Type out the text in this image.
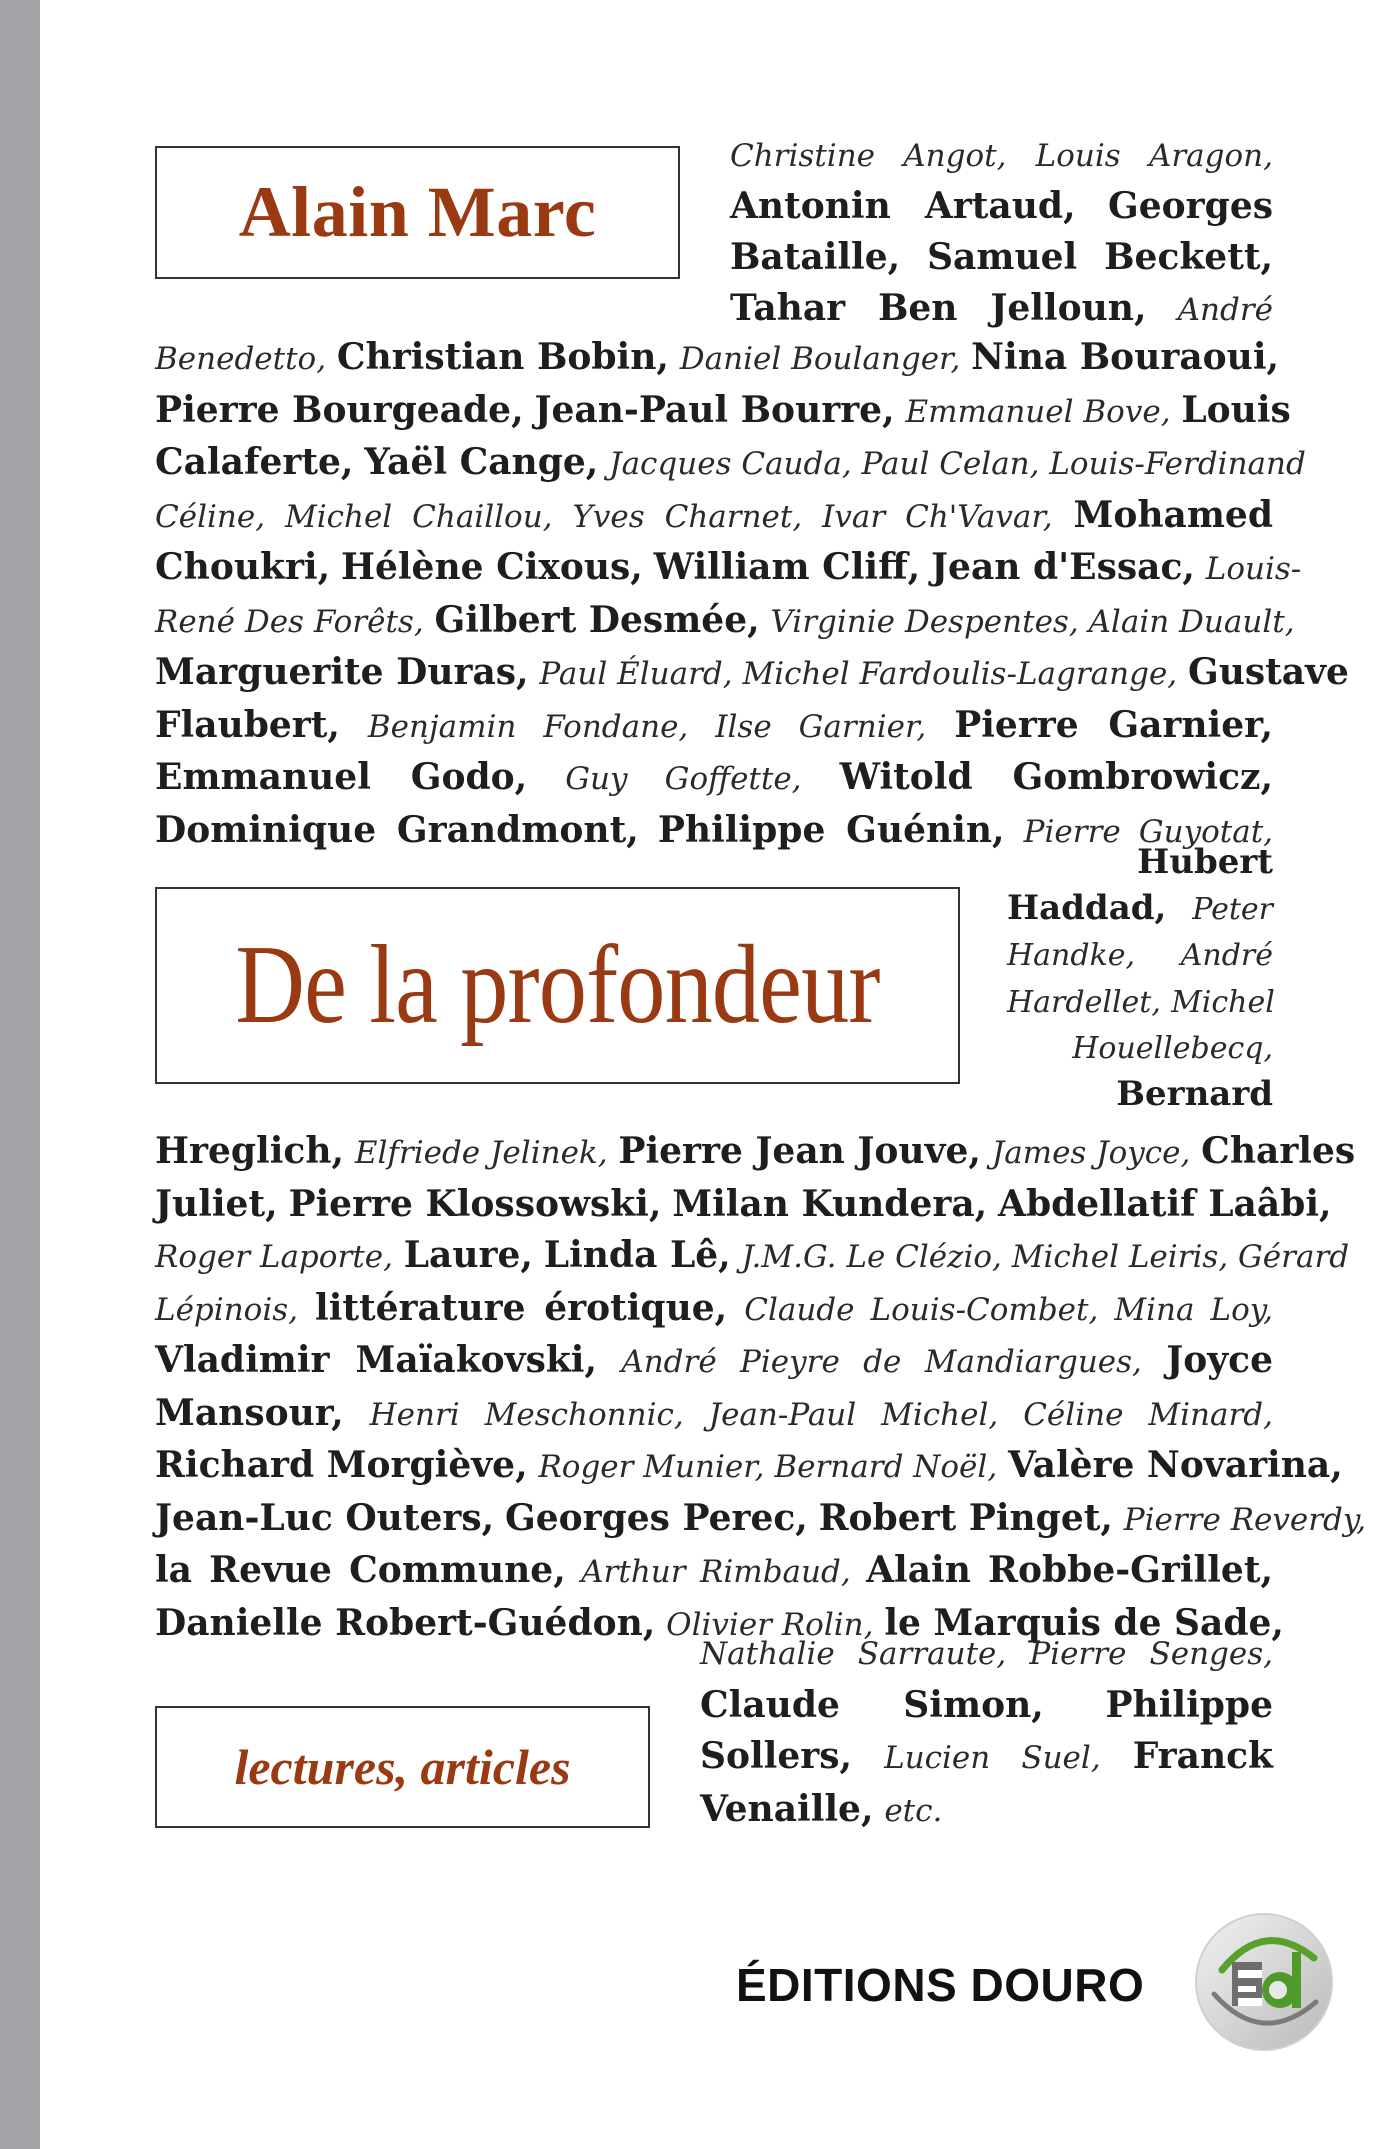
Alain Marc
Christine Angot, Louis Aragon,
Antonin Artaud, Georges
Bataille, Samuel Beckett,
Tahar Ben Jelloun, André
Benedetto, Christian Bobin, Daniel Boulanger, Nina Bouraoui,
Pierre Bourgeade, Jean-Paul Bourre, Emmanuel Bove, Louis
Calaferte, Yaël Cange, Jacques Cauda, Paul Celan, Louis-Ferdinand
Céline, Michel Chaillou, Yves Charnet, Ivar Ch'Vavar, Mohamed
Choukri, Hélène Cixous, William Cliff, Jean d'Essac, Louis-
René Des Forêts, Gilbert Desmée, Virginie Despentes, Alain Duault,
Marguerite Duras, Paul Éluard, Michel Fardoulis-Lagrange, Gustave
Flaubert, Benjamin Fondane, Ilse Garnier, Pierre Garnier,
Emmanuel Godo, Guy Goffette, Witold Gombrowicz,
Dominique Grandmont, Philippe Guénin, Pierre Guyotat,
De la profondeur
Hubert
Haddad, Peter
Handke, André
Hardellet, Michel
Houellebecq,
Bernard
Hreglich, Elfriede Jelinek, Pierre Jean Jouve, James Joyce, Charles
Juliet, Pierre Klossowski, Milan Kundera, Abdellatif Laâbi,
Roger Laporte, Laure, Linda Lê, J.M.G. Le Clézio, Michel Leiris, Gérard
Lépinois, littérature érotique, Claude Louis-Combet, Mina Loy,
Vladimir Maïakovski, André Pieyre de Mandiargues, Joyce
Mansour, Henri Meschonnic, Jean-Paul Michel, Céline Minard,
Richard Morgiève, Roger Munier, Bernard Noël, Valère Novarina,
Jean-Luc Outers, Georges Perec, Robert Pinget, Pierre Reverdy,
la Revue Commune, Arthur Rimbaud, Alain Robbe-Grillet,
Danielle Robert-Guédon, Olivier Rolin, le Marquis de Sade,
lectures, articles
Nathalie Sarraute, Pierre Senges,
Claude Simon, Philippe
Sollers, Lucien Suel, Franck
Venaille, etc.
ÉDITIONS DOURO
